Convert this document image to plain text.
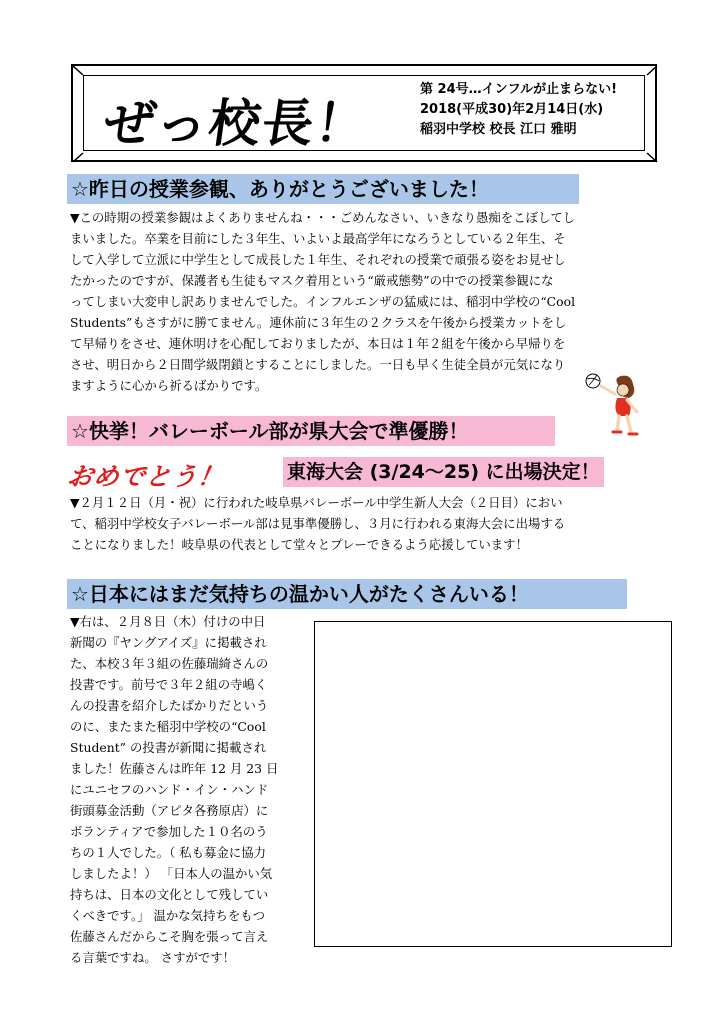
ぜっ校長！
第 24号…インフルが止まらない!
2018(平成30)年2月14日(水)
稲羽中学校 校長 江口 雅明
☆昨日の授業参観、ありがとうございました！
▼この時期の授業参観はよくありませんね・・・ごめんなさい、いきなり愚痴をこぼしてし
まいました。卒業を目前にした３年生、いよいよ最高学年になろうとしている２年生、そ
して入学して立派に中学生として成長した１年生、それぞれの授業で頑張る姿をお見せし
たかったのですが、保護者も生徒もマスク着用という“厳戒態勢”の中での授業参観にな
ってしまい大変申し訳ありませんでした。インフルエンザの猛威には、稲羽中学校の“Cool
Students”もさすがに勝てません。連休前に３年生の２クラスを午後から授業カットをし
て早帰りをさせ、連休明けを心配しておりましたが、本日は１年２組を午後から早帰りを
させ、明日から２日間学級閉鎖とすることにしました。一日も早く生徒全員が元気になり
ますように心から祈るばかりです。
☆快挙！バレーボール部が県大会で準優勝！
おめでとう！	東海大会 (3/24〜25) に出場決定！
▼２月１２日（月・祝）に行われた岐阜県バレーボール中学生新人大会（２日目）におい
て、稲羽中学校女子バレーボール部は見事準優勝し、３月に行われる東海大会に出場する
ことになりました！岐阜県の代表として堂々とプレーできるよう応援しています！
☆日本にはまだ気持ちの温かい人がたくさんいる！
▼右は、２月８日（木）付けの中日
新聞の『ヤングアイズ』に掲載され
た、本校３年３組の佐藤瑞綺さんの
投書です。前号で３年２組の寺嶋く
んの投書を紹介したばかりだという
のに、またまた稲羽中学校の“Cool
Student” の投書が新聞に掲載され
ました！佐藤さんは昨年 12 月 23 日
にユニセフのハンド・イン・ハンド
街頭募金活動（アピタ各務原店）に
ボランティアで参加した１０名のう
ちの１人でした。（ 私も募金に協力
しましたよ！） 「日本人の温かい気
持ちは、日本の文化として残してい
くべきです。」 温かな気持ちをもつ
佐藤さんだからこそ胸を張って言え
る言葉ですね。 さすがです！
